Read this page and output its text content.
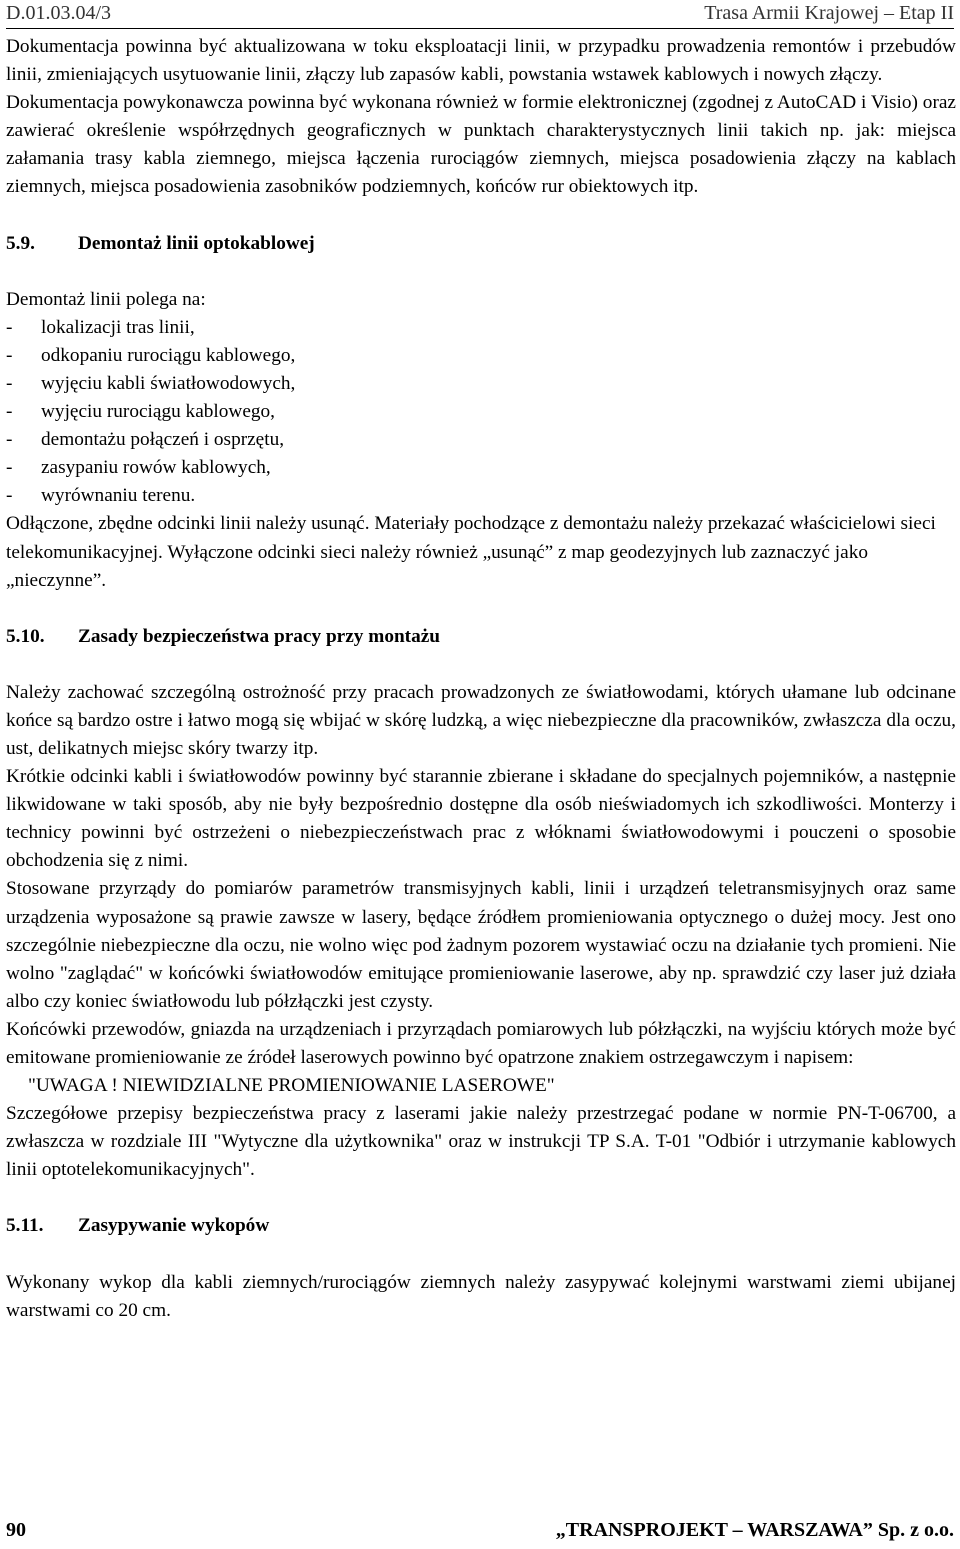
D.01.03.04/3	Trasa Armii Krajowej – Etap II

Dokumentacja powinna być aktualizowana w toku eksploatacji linii, w przypadku prowadzenia remontów i przebudów linii, zmieniających usytuowanie linii, złączy lub zapasów kabli, powstania wstawek kablowych i nowych złączy.

Dokumentacja powykonawcza powinna być wykonana również w formie elektronicznej (zgodnej z AutoCAD i Visio) oraz zawierać określenie współrzędnych geograficznych w punktach charakterystycznych linii takich np. jak: miejsca załamania trasy kabla ziemnego, miejsca łączenia rurociągów ziemnych, miejsca posadowienia złączy na kablach ziemnych, miejsca posadowienia zasobników podziemnych, końców rur obiektowych itp.

5.9.	Demontaż linii optokablowej

Demontaż linii polega na:

-	lokalizacji tras linii,
-	odkopaniu rurociągu kablowego,
-	wyjęciu kabli światłowodowych,
-	wyjęciu rurociągu kablowego,
-	demontażu połączeń i osprzętu,
-	zasypaniu rowów kablowych,
-	wyrównaniu terenu.

Odłączone, zbędne odcinki linii należy usunąć. Materiały pochodzące z demontażu należy przekazać właścicielowi sieci telekomunikacyjnej. Wyłączone odcinki sieci należy również „usunąć” z map geodezyjnych lub zaznaczyć jako „nieczynne”.

5.10.	Zasady bezpieczeństwa pracy przy montażu

Należy zachować szczególną ostrożność przy pracach prowadzonych ze światłowodami, których ułamane lub odcinane końce są bardzo ostre i łatwo mogą się wbijać w skórę ludzką, a więc niebezpieczne dla pracowników, zwłaszcza dla oczu, ust, delikatnych miejsc skóry twarzy itp.

Krótkie odcinki kabli i światłowodów powinny być starannie zbierane i składane do specjalnych pojemników, a następnie likwidowane w taki sposób, aby nie były bezpośrednio dostępne dla osób nieświadomych ich szkodliwości. Monterzy i technicy powinni być ostrzeżeni o niebezpieczeństwach prac z włóknami światłowodowymi i pouczeni o sposobie obchodzenia się z nimi.

Stosowane przyrządy do pomiarów parametrów transmisyjnych kabli, linii i urządzeń teletransmisyjnych oraz same urządzenia wyposażone są prawie zawsze w lasery, będące źródłem promieniowania optycznego o dużej mocy. Jest ono szczególnie niebezpieczne dla oczu, nie wolno więc pod żadnym pozorem wystawiać oczu na działanie tych promieni. Nie wolno "zaglądać" w końcówki światłowodów emitujące promieniowanie laserowe, aby np. sprawdzić czy laser już działa albo czy koniec światłowodu lub półzłączki jest czysty.

Końcówki przewodów, gniazda na urządzeniach i przyrządach pomiarowych lub półzłączki, na wyjściu których może być emitowane promieniowanie ze źródeł laserowych powinno być opatrzone znakiem ostrzegawczym i napisem:

"UWAGA ! NIEWIDZIALNE PROMIENIOWANIE LASEROWE"

Szczegółowe przepisy bezpieczeństwa pracy z laserami jakie należy przestrzegać podane w normie PN-T-06700, a zwłaszcza w rozdziale III "Wytyczne dla użytkownika" oraz w instrukcji TP S.A. T-01 "Odbiór i utrzymanie kablowych linii optotelekomunikacyjnych".

5.11.	Zasypywanie wykopów

Wykonany wykop dla kabli ziemnych/rurociągów ziemnych należy zasypywać kolejnymi warstwami ziemi ubijanej warstwami co 20 cm.

90	„TRANSPROJEKT – WARSZAWA” Sp. z o.o.
